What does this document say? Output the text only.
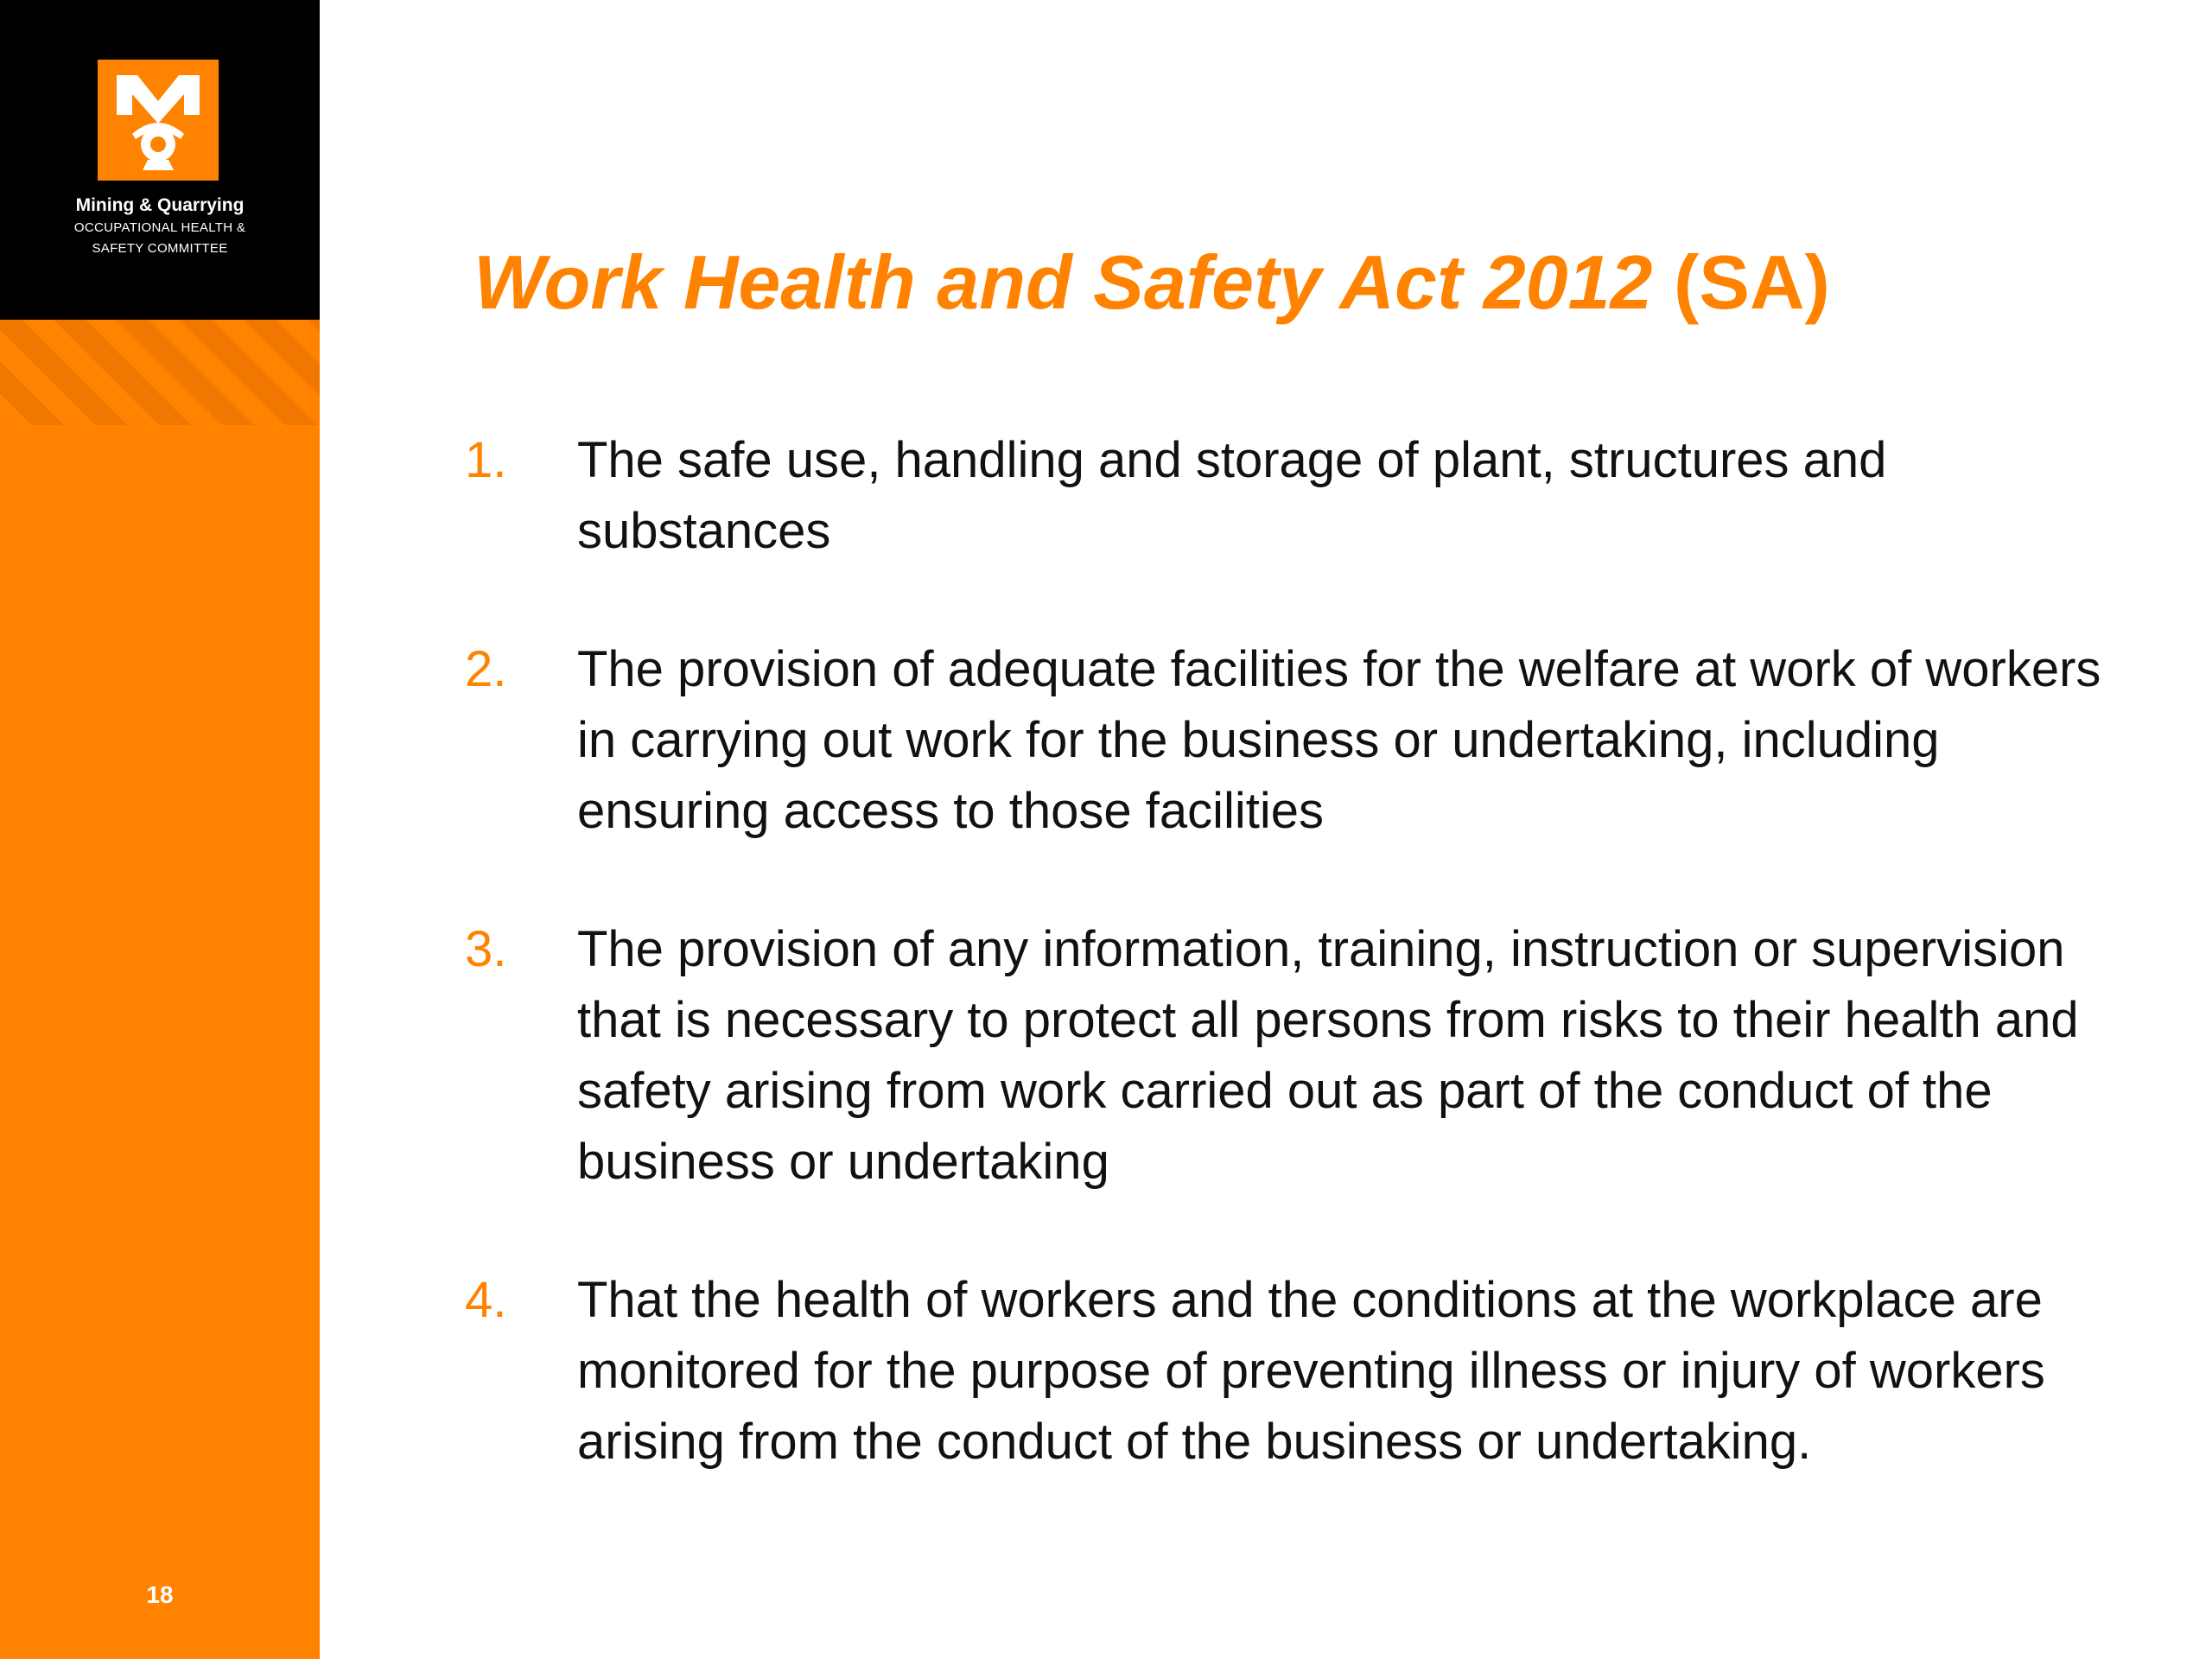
Mining & Quarrying
OCCUPATIONAL HEALTH &
SAFETY COMMITTEE
18
Work Health and Safety Act 2012 (SA)
1. The safe use, handling and storage of plant, structures and substances
2. The provision of adequate facilities for the welfare at work of workers in carrying out work for the business or undertaking, including ensuring access to those facilities
3. The provision of any information, training, instruction or supervision that is necessary to protect all persons from risks to their health and safety arising from work carried out as part of the conduct of the business or undertaking
4. That the health of workers and the conditions at the workplace are monitored for the purpose of preventing illness or injury of workers arising from the conduct of the business or undertaking.
